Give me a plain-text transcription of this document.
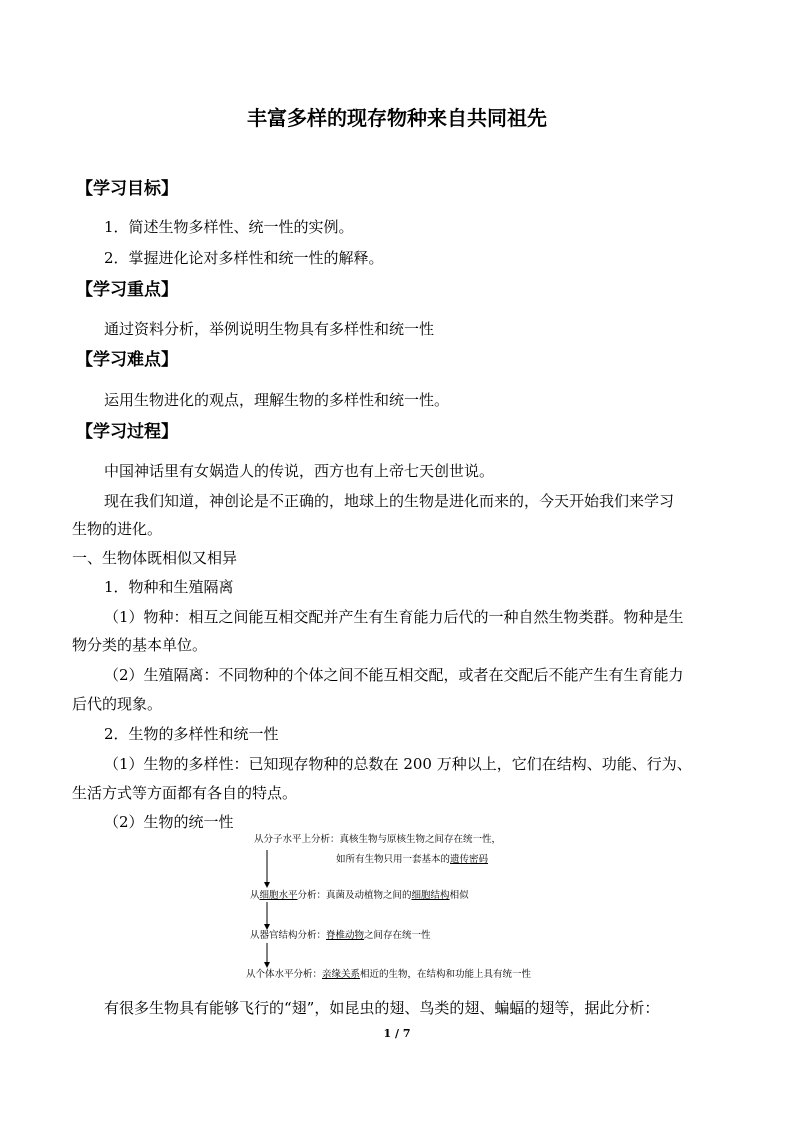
丰富多样的现存物种来自共同祖先
【学习目标】
1．简述生物多样性、统一性的实例。
2．掌握进化论对多样性和统一性的解释。
【学习重点】
通过资料分析，举例说明生物具有多样性和统一性
【学习难点】
运用生物进化的观点，理解生物的多样性和统一性。
【学习过程】
中国神话里有女娲造人的传说，西方也有上帝七天创世说。
现在我们知道，神创论是不正确的，地球上的生物是进化而来的，今天开始我们来学习
生物的进化。
一、生物体既相似又相异
1．物种和生殖隔离
（1）物种：相互之间能互相交配并产生有生育能力后代的一种自然生物类群。物种是生
物分类的基本单位。
（2）生殖隔离：不同物种的个体之间不能互相交配，或者在交配后不能产生有生育能力
后代的现象。
2．生物的多样性和统一性
（1）生物的多样性：已知现存物种的总数在 200 万种以上，它们在结构、功能、行为、
生活方式等方面都有各自的特点。
（2）生物的统一性
从分子水平上分析：真核生物与原核生物之间存在统一性，
如所有生物只用一套基本的遗传密码
从细胞水平分析：真菌及动植物之间的细胞结构相似
从器官结构分析：脊椎动物之间存在统一性
从个体水平分析：亲缘关系相近的生物，在结构和功能上具有统一性
有很多生物具有能够飞行的“翅”，如昆虫的翅、鸟类的翅、蝙蝠的翅等，据此分析：
1 / 7
